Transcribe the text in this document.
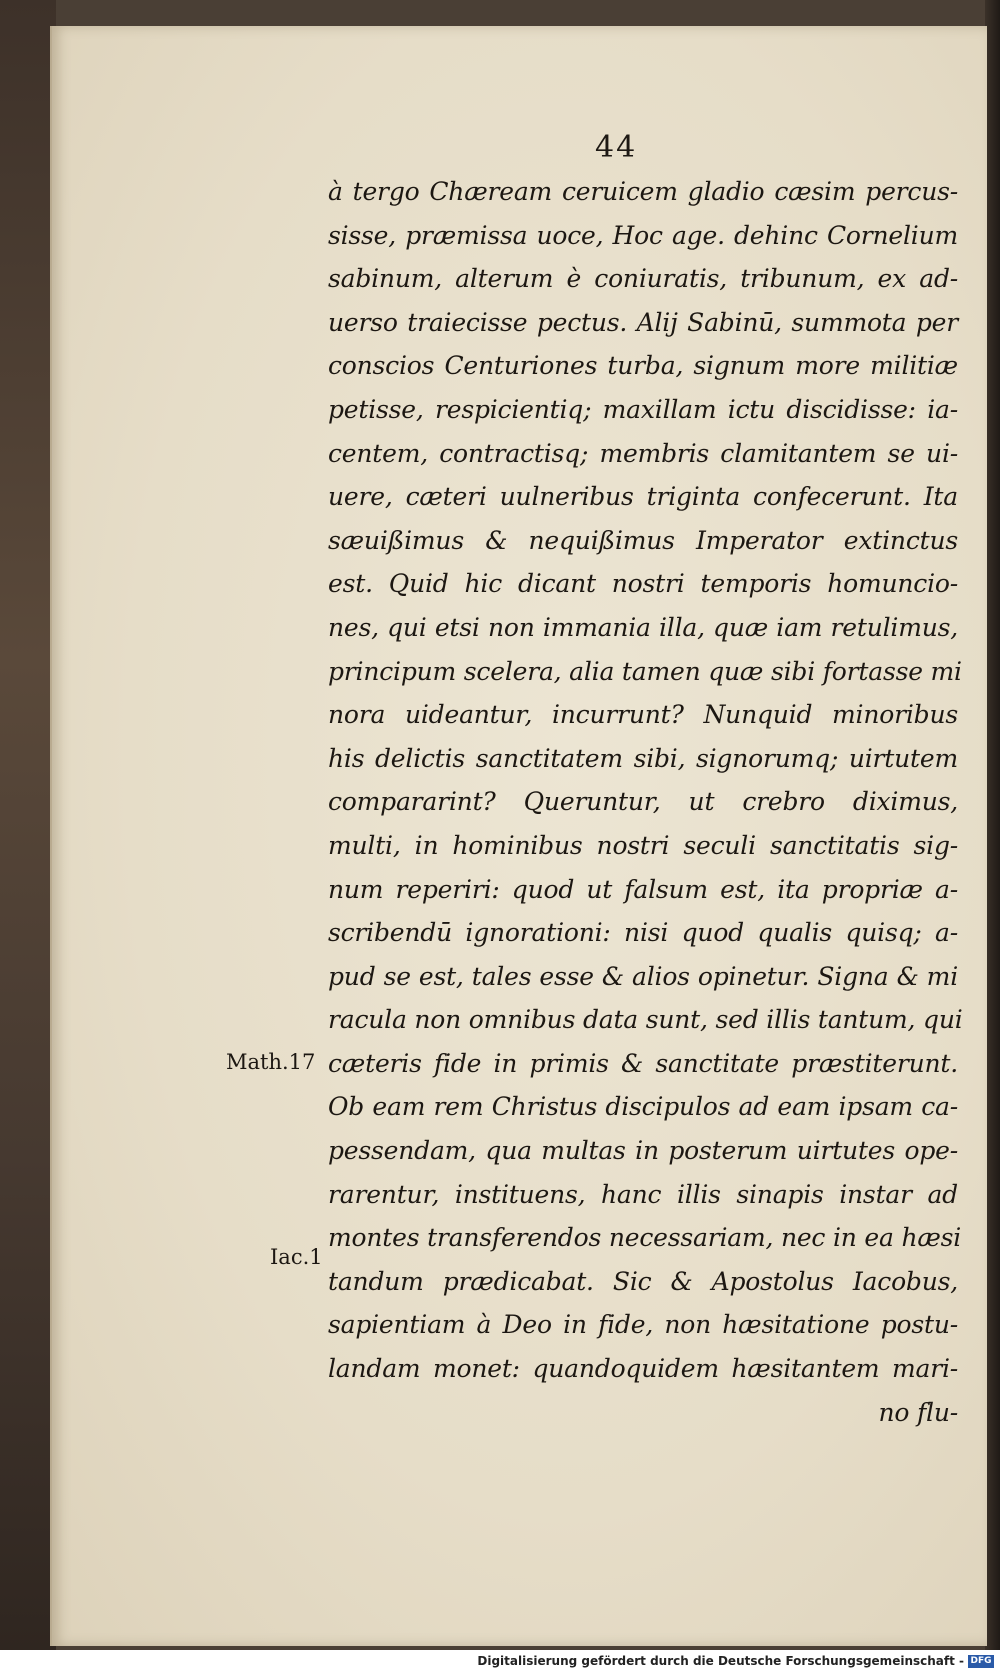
44
Math.17
Iac.1
à tergo Chæream ceruicem gladio cæsim percus-
sisse, præmissa uoce, Hoc age. dehinc Cornelium
sabinum, alterum è coniuratis, tribunum, ex ad-
uerso traiecisse pectus. Alij Sabinū, summota per
conscios Centuriones turba, signum more militiæ
petisse, respicientiq; maxillam ictu discidisse: ia-
centem, contractisq; membris clamitantem se ui-
uere, cæteri uulneribus triginta confecerunt. Ita
sæuißimus & nequißimus Imperator extinctus
est. Quid hic dicant nostri temporis homuncio-
nes, qui etsi non immania illa, quæ iam retulimus,
principum scelera, alia tamen quæ sibi fortasse mi
nora uideantur, incurrunt? Nunquid minoribus
his delictis sanctitatem sibi, signorumq; uirtutem
compararint? Queruntur, ut crebro diximus,
multi, in hominibus nostri seculi sanctitatis sig-
num reperiri: quod ut falsum est, ita propriæ a-
scribendū ignorationi: nisi quod qualis quisq; a-
pud se est, tales esse & alios opinetur. Signa & mi
racula non omnibus data sunt, sed illis tantum, qui
cæteris fide in primis & sanctitate præstiterunt.
Ob eam rem Christus discipulos ad eam ipsam ca-
pessendam, qua multas in posterum uirtutes ope-
rarentur, instituens, hanc illis sinapis instar ad
montes transferendos necessariam, nec in ea hæsi
tandum prædicabat. Sic & Apostolus Iacobus,
sapientiam à Deo in fide, non hæsitatione postu-
landam monet: quandoquidem hæsitantem mari-
no flu-
Digitalisierung gefördert durch die Deutsche Forschungsgemeinschaft - DFG
